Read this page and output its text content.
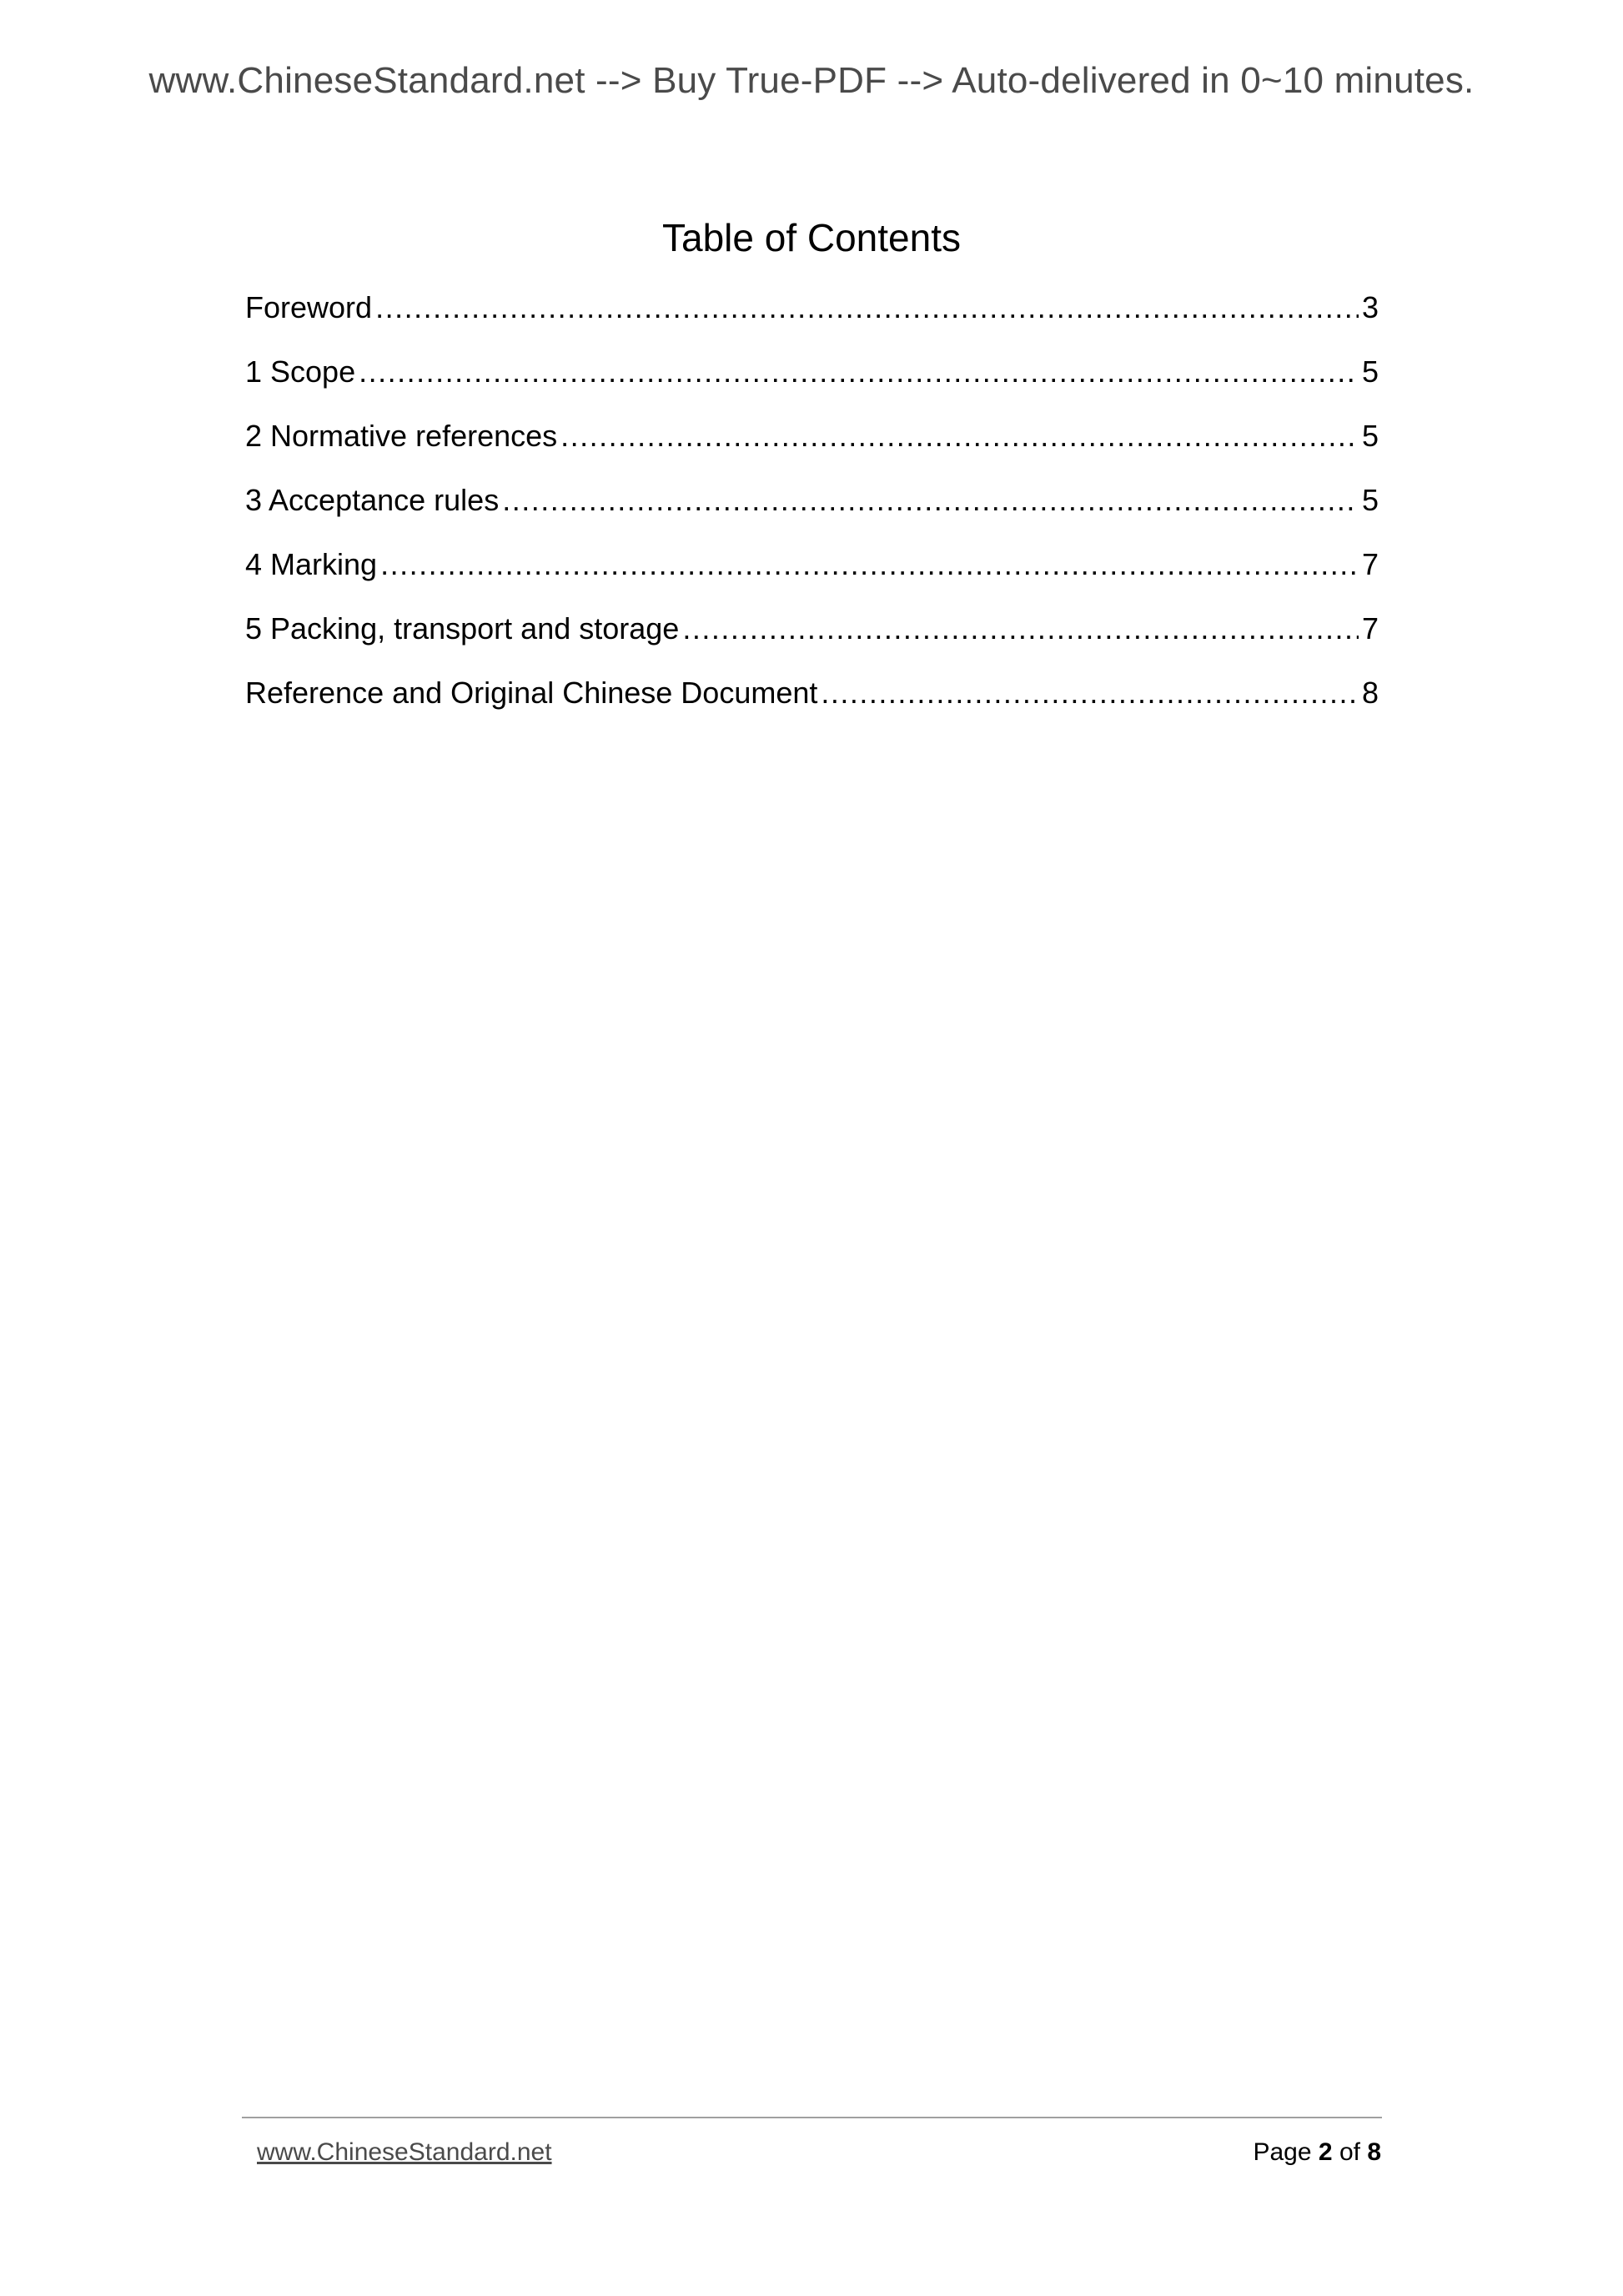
www.ChineseStandard.net --> Buy True-PDF --> Auto-delivered in 0~10 minutes.
Table of Contents
Foreword .....	3
1 Scope .....	5
2 Normative references .....	5
3 Acceptance rules .....	5
4 Marking .....	7
5 Packing, transport and storage .....	7
Reference and Original Chinese Document .....	8
www.ChineseStandard.net	Page 2 of 8
